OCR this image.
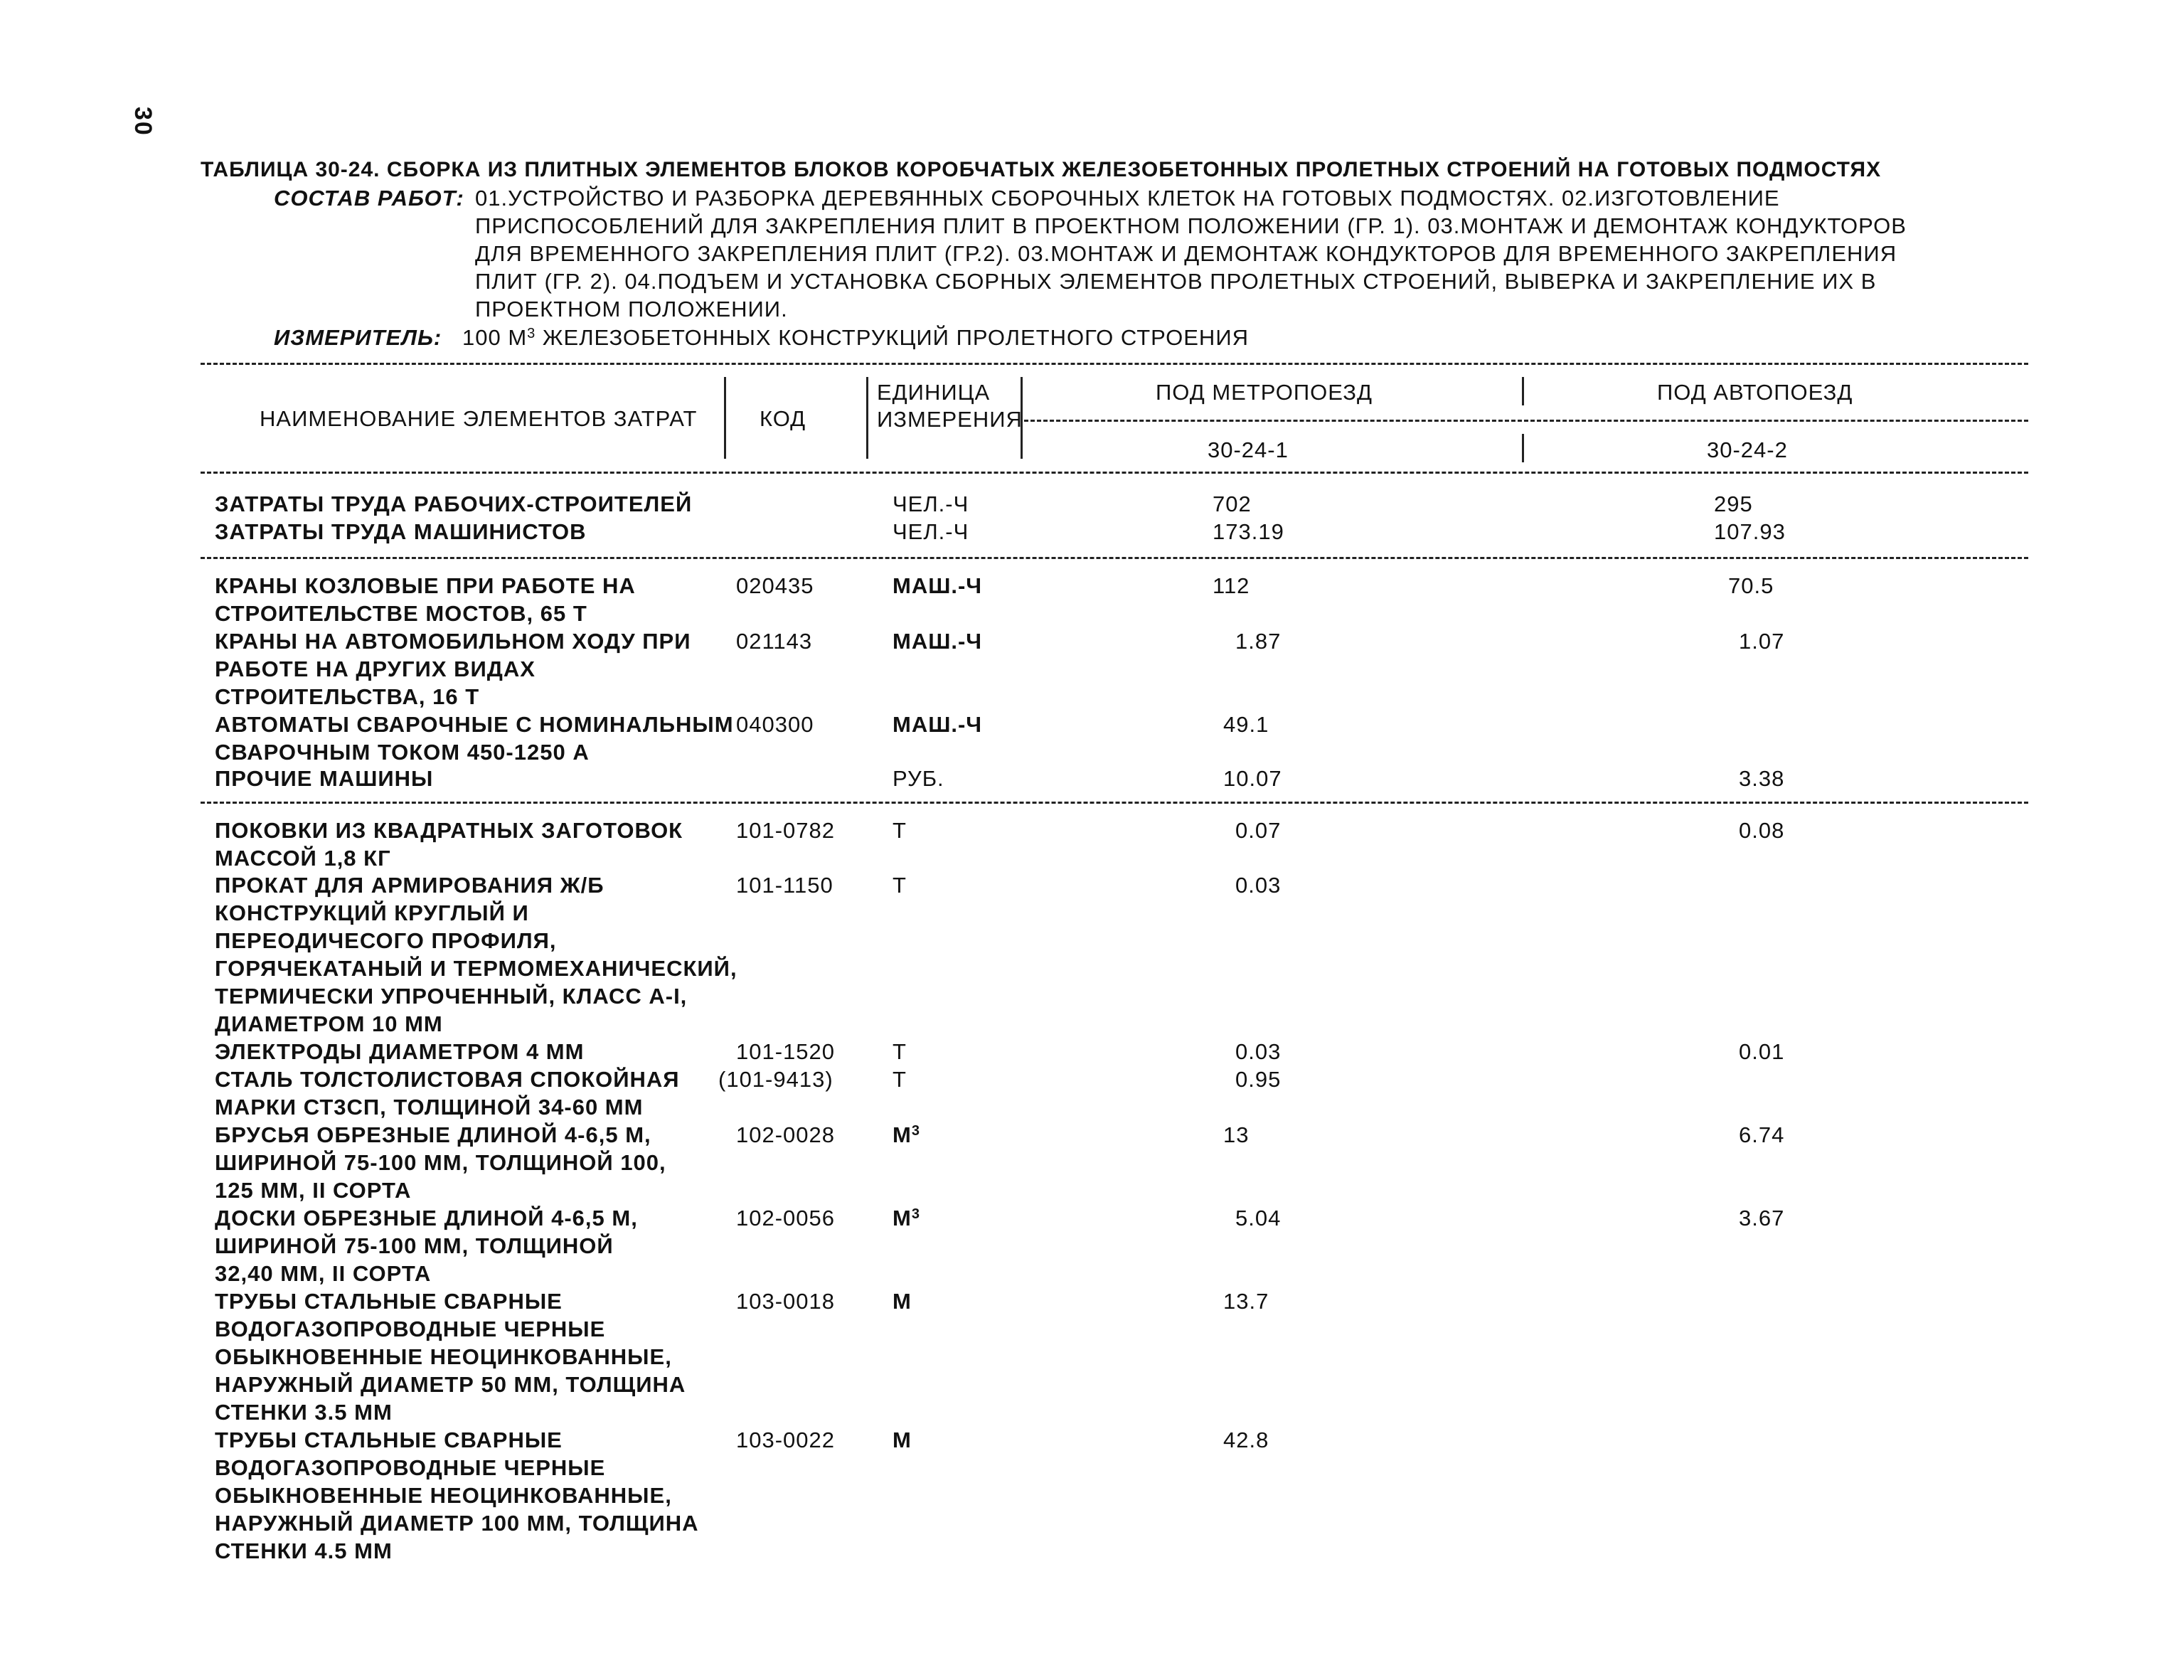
30
ТАБЛИЦА 30-24. СБОРКА ИЗ ПЛИТНЫХ ЭЛЕМЕНТОВ БЛОКОВ КОРОБЧАТЫХ ЖЕЛЕЗОБЕТОННЫХ ПРОЛЕТНЫХ СТРОЕНИЙ НА ГОТОВЫХ ПОДМОСТЯХ
СОСТАВ РАБОТ: 01.УСТРОЙСТВО И РАЗБОРКА ДЕРЕВЯННЫХ СБОРОЧНЫХ КЛЕТОК НА ГОТОВЫХ ПОДМОСТЯХ. 02.ИЗГОТОВЛЕНИЕ
ПРИСПОСОБЛЕНИЙ ДЛЯ ЗАКРЕПЛЕНИЯ ПЛИТ В ПРОЕКТНОМ ПОЛОЖЕНИИ (ГР. 1). 03.МОНТАЖ И ДЕМОНТАЖ КОНДУКТОРОВ
ДЛЯ ВРЕМЕННОГО ЗАКРЕПЛЕНИЯ ПЛИТ (ГР.2). 03.МОНТАЖ И ДЕМОНТАЖ КОНДУКТОРОВ ДЛЯ ВРЕМЕННОГО ЗАКРЕПЛЕНИЯ
ПЛИТ (ГР. 2). 04.ПОДЪЕМ И УСТАНОВКА СБОРНЫХ ЭЛЕМЕНТОВ ПРОЛЕТНЫХ СТРОЕНИЙ, ВЫВЕРКА И ЗАКРЕПЛЕНИЕ ИХ В
ПРОЕКТНОМ ПОЛОЖЕНИИ.
ИЗМЕРИТЕЛЬ: 100 $М^3$ ЖЕЛЕЗОБЕТОННЫХ КОНСТРУКЦИЙ ПРОЛЕТНОГО СТРОЕНИЯ
НАИМЕНОВАНИЕ ЭЛЕМЕНТОВ ЗАТРАТ	КОД
ЕДИНИЦА
ИЗМЕРЕНИЯ
ПОД МЕТРОПОЕЗД	ПОД АВТОПОЕЗД
30-24-1	30-24-2
ЗАТРАТЫ ТРУДА РАБОЧИХ-СТРОИТЕЛЕЙ	ЧЕЛ.-Ч	702	295
ЗАТРАТЫ ТРУДА МАШИНИСТОВ	ЧЕЛ.-Ч	173.19	107.93
КРАНЫ КОЗЛОВЫЕ ПРИ РАБОТЕ НА
СТРОИТЕЛЬСТВЕ МОСТОВ, 65 Т
020435	МАШ.-Ч	112	70.5
КРАНЫ НА АВТОМОБИЛЬНОМ ХОДУ ПРИ
РАБОТЕ НА ДРУГИХ ВИДАХ
СТРОИТЕЛЬСТВА, 16 Т
021143	МАШ.-Ч	1.87	1.07
АВТОМАТЫ СВАРОЧНЫЕ С НОМИНАЛЬНЫМ
СВАРОЧНЫМ ТОКОМ 450-1250 А
040300	МАШ.-Ч	49.1
ПРОЧИЕ МАШИНЫ	РУБ.	10.07	3.38
ПОКОВКИ ИЗ КВАДРАТНЫХ ЗАГОТОВОК
МАССОЙ 1,8 КГ
101-0782	Т	0.07	0.08
ПРОКАТ ДЛЯ АРМИРОВАНИЯ Ж/Б
КОНСТРУКЦИЙ КРУГЛЫЙ И
ПЕРЕОДИЧЕСОГО ПРОФИЛЯ,
ГОРЯЧЕКАТАНЫЙ И ТЕРМОМЕХАНИЧЕСКИЙ,
ТЕРМИЧЕСКИ УПРОЧЕННЫЙ, КЛАСС А-I,
ДИАМЕТРОМ 10 ММ
101-1150	Т	0.03
ЭЛЕКТРОДЫ ДИАМЕТРОМ 4 ММ	101-1520	Т	0.03	0.01
СТАЛЬ ТОЛСТОЛИСТОВАЯ СПОКОЙНАЯ
МАРКИ СТ3СП, ТОЛЩИНОЙ 34-60 ММ
(101-9413)	Т	0.95
БРУСЬЯ ОБРЕЗНЫЕ ДЛИНОЙ 4-6,5 М,
ШИРИНОЙ 75-100 ММ, ТОЛЩИНОЙ 100,
125 ММ, II СОРТА
102-0028	$М^3$	13	6.74
ДОСКИ ОБРЕЗНЫЕ ДЛИНОЙ 4-6,5 М,
ШИРИНОЙ 75-100 ММ, ТОЛЩИНОЙ
32,40 ММ, II СОРТА
102-0056	$М^3$	5.04	3.67
ТРУБЫ СТАЛЬНЫЕ СВАРНЫЕ
ВОДОГАЗОПРОВОДНЫЕ ЧЕРНЫЕ
ОБЫКНОВЕННЫЕ НЕОЦИНКОВАННЫЕ,
НАРУЖНЫЙ ДИАМЕТР 50 ММ, ТОЛЩИНА
СТЕНКИ 3.5 ММ
103-0018	М	13.7
ТРУБЫ СТАЛЬНЫЕ СВАРНЫЕ
ВОДОГАЗОПРОВОДНЫЕ ЧЕРНЫЕ
ОБЫКНОВЕННЫЕ НЕОЦИНКОВАННЫЕ,
НАРУЖНЫЙ ДИАМЕТР 100 ММ, ТОЛЩИНА
СТЕНКИ 4.5 ММ
103-0022	М	42.8
